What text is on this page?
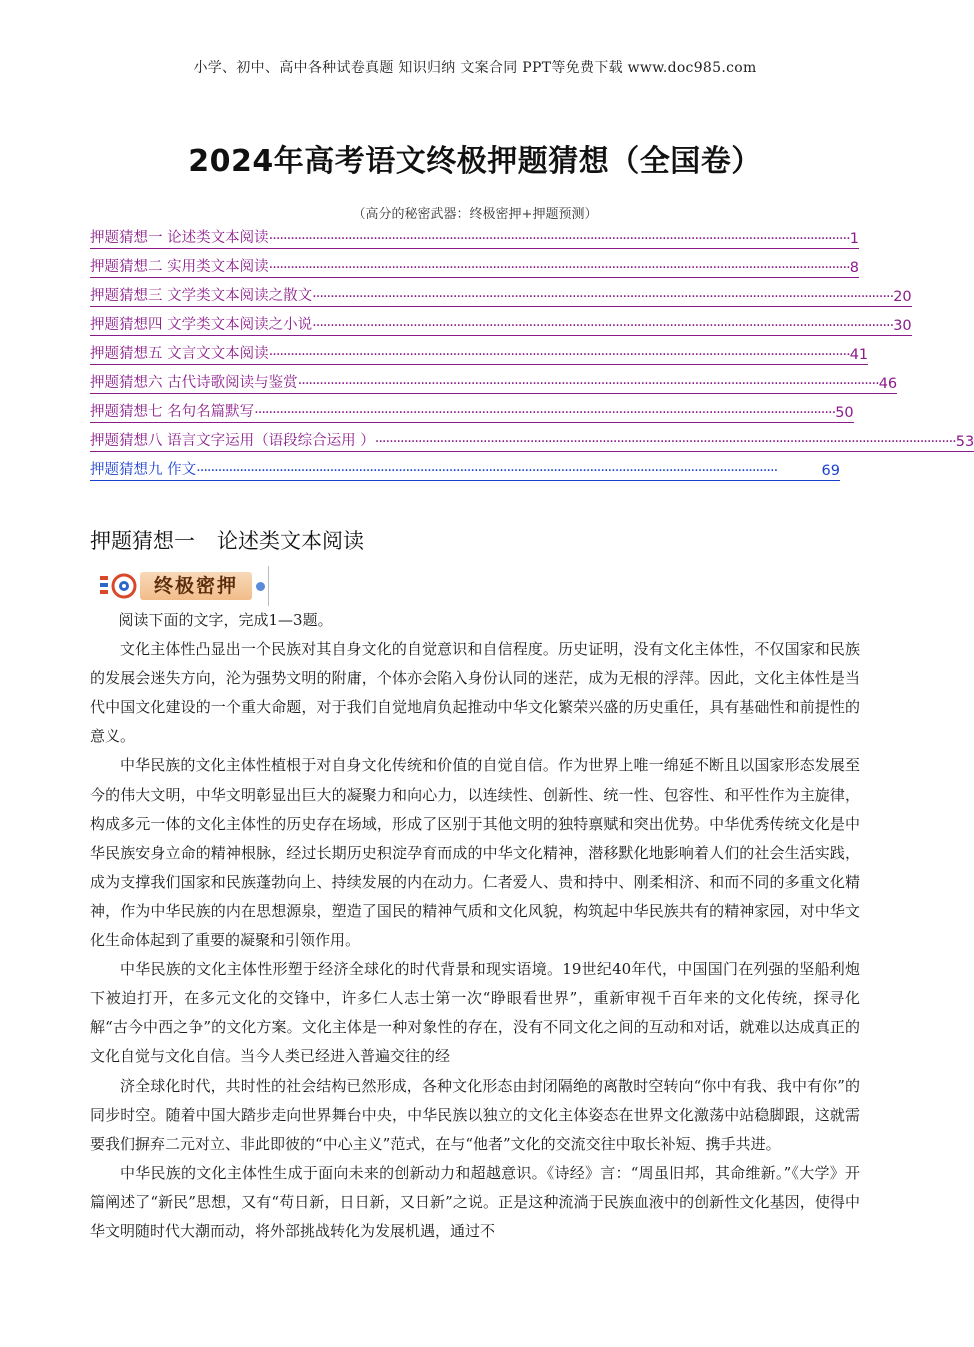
小学、初中、高中各种试卷真题 知识归纳 文案合同 PPT等免费下载 www.doc985.com
2024年高考语文终极押题猜想（全国卷）
（高分的秘密武器：终极密押+押题预测）
押题猜想一 论述类文本阅读 ································································································································································· 1
押题猜想二 实用类文本阅读 ································································································································································· 8
押题猜想三 文学类文本阅读之散文 ································································································································································· 20
押题猜想四 文学类文本阅读之小说 ································································································································································· 30
押题猜想五 文言文文本阅读 ································································································································································· 41
押题猜想六 古代诗歌阅读与鉴赏 ································································································································································· 46
押题猜想七 名句名篇默写 ································································································································································· 50
押题猜想八 语言文字运用（语段综合运用 ） ································································································································································· 53
押题猜想九 作文 ·································································································································································	69
押题猜想一 论述类文本阅读
终极密押

阅读下面的文字，完成1—3题。

文化主体性凸显出一个民族对其自身文化的自觉意识和自信程度。历史证明，没有文化主体性，不仅国家和民族的发展会迷失方向，沦为强势文明的附庸，个体亦会陷入身份认同的迷茫，成为无根的浮萍。因此，文化主体性是当代中国文化建设的一个重大命题，对于我们自觉地肩负起推动中华文化繁荣兴盛的历史重任，具有基础性和前提性的意义。

中华民族的文化主体性植根于对自身文化传统和价值的自觉自信。作为世界上唯一绵延不断且以国家形态发展至今的伟大文明，中华文明彰显出巨大的凝聚力和向心力，以连续性、创新性、统一性、包容性、和平性作为主旋律，构成多元一体的文化主体性的历史存在场域，形成了区别于其他文明的独特禀赋和突出优势。中华优秀传统文化是中华民族安身立命的精神根脉，经过长期历史积淀孕育而成的中华文化精神，潜移默化地影响着人们的社会生活实践，成为支撑我们国家和民族蓬勃向上、持续发展的内在动力。仁者爱人、贵和持中、刚柔相济、和而不同的多重文化精神，作为中华民族的内在思想源泉，塑造了国民的精神气质和文化风貌，构筑起中华民族共有的精神家园，对中华文化生命体起到了重要的凝聚和引领作用。

中华民族的文化主体性形塑于经济全球化的时代背景和现实语境。19世纪40年代，中国国门在列强的坚船利炮下被迫打开，在多元文化的交锋中，许多仁人志士第一次“睁眼看世界”，重新审视千百年来的文化传统，探寻化解“古今中西之争”的文化方案。文化主体是一种对象性的存在，没有不同文化之间的互动和对话，就难以达成真正的文化自觉与文化自信。当今人类已经进入普遍交往的经

济全球化时代，共时性的社会结构已然形成，各种文化形态由封闭隔绝的离散时空转向“你中有我、我中有你”的同步时空。随着中国大踏步走向世界舞台中央，中华民族以独立的文化主体姿态在世界文化激荡中站稳脚跟，这就需要我们摒弃二元对立、非此即彼的“中心主义”范式，在与“他者”文化的交流交往中取长补短、携手共进。

中华民族的文化主体性生成于面向未来的创新动力和超越意识。《诗经》言：“周虽旧邦，其命维新。”《大学》开篇阐述了“新民”思想，又有“苟日新，日日新，又日新”之说。正是这种流淌于民族血液中的创新性文化基因，使得中华文明随时代大潮而动，将外部挑战转化为发展机遇，通过不
